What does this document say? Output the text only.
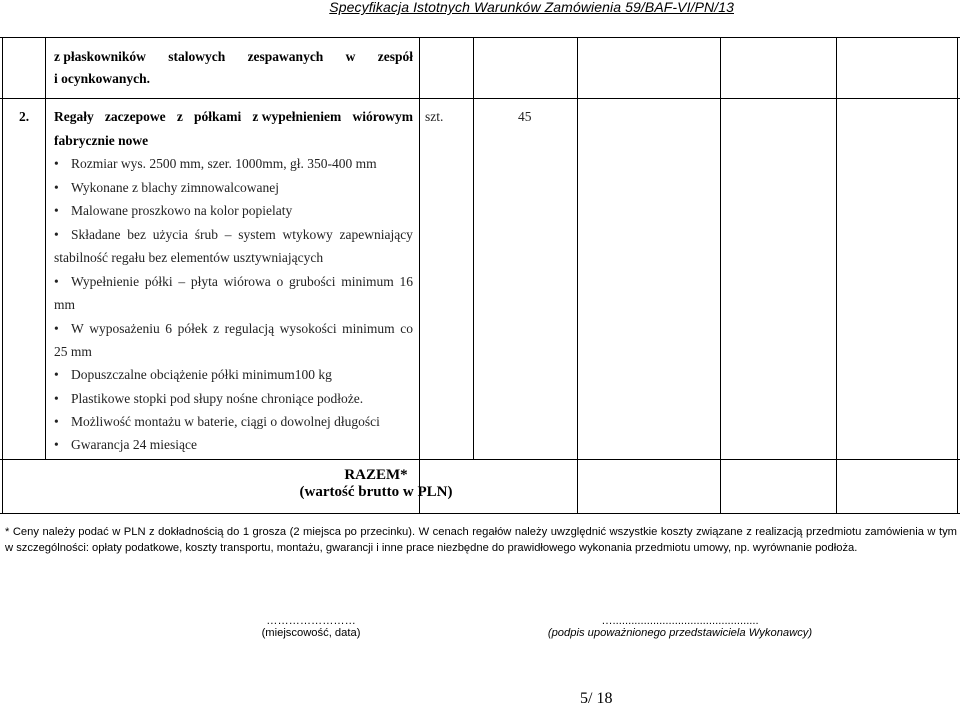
Specyfikacja Istotnych Warunków Zamówienia 59/BAF-VI/PN/13
z płaskowników stalowych zespawanych w zespół
i ocynkowanych.
2. Regały zaczepowe z półkami z wypełnieniem wiórowym
fabrycznie nowe
szt.	45
• Rozmiar wys. 2500 mm, szer. 1000mm, gł. 350-400 mm
• Wykonane z blachy zimnowalcowanej
• Malowane proszkowo na kolor popielaty
• Składane bez użycia śrub – system wtykowy zapewniający
stabilność regału bez elementów usztywniających
• Wypełnienie półki – płyta wiórowa o grubości minimum 16
mm
• W wyposażeniu 6 półek z regulacją wysokości minimum co
25 mm
• Dopuszczalne obciążenie półki minimum100 kg
• Plastikowe stopki pod słupy nośne chroniące podłoże.
• Możliwość montażu w baterie, ciągi o dowolnej długości
• Gwarancja 24 miesiące
RAZEM*
(wartość brutto w PLN)
* Ceny należy podać w PLN z dokładnością do 1 grosza (2 miejsca po przecinku). W cenach regałów należy uwzględnić wszystkie koszty związane z realizacją przedmiotu zamówienia w tym w szczególności: opłaty podatkowe, koszty transportu, montażu, gwarancji i inne prace niezbędne do prawidłowego wykonania przedmiotu umowy, np. wyrównanie podłoża.
……………………
(miejscowość, data)
…...............................................
(podpis upoważnionego przedstawiciela Wykonawcy)
5/ 18
